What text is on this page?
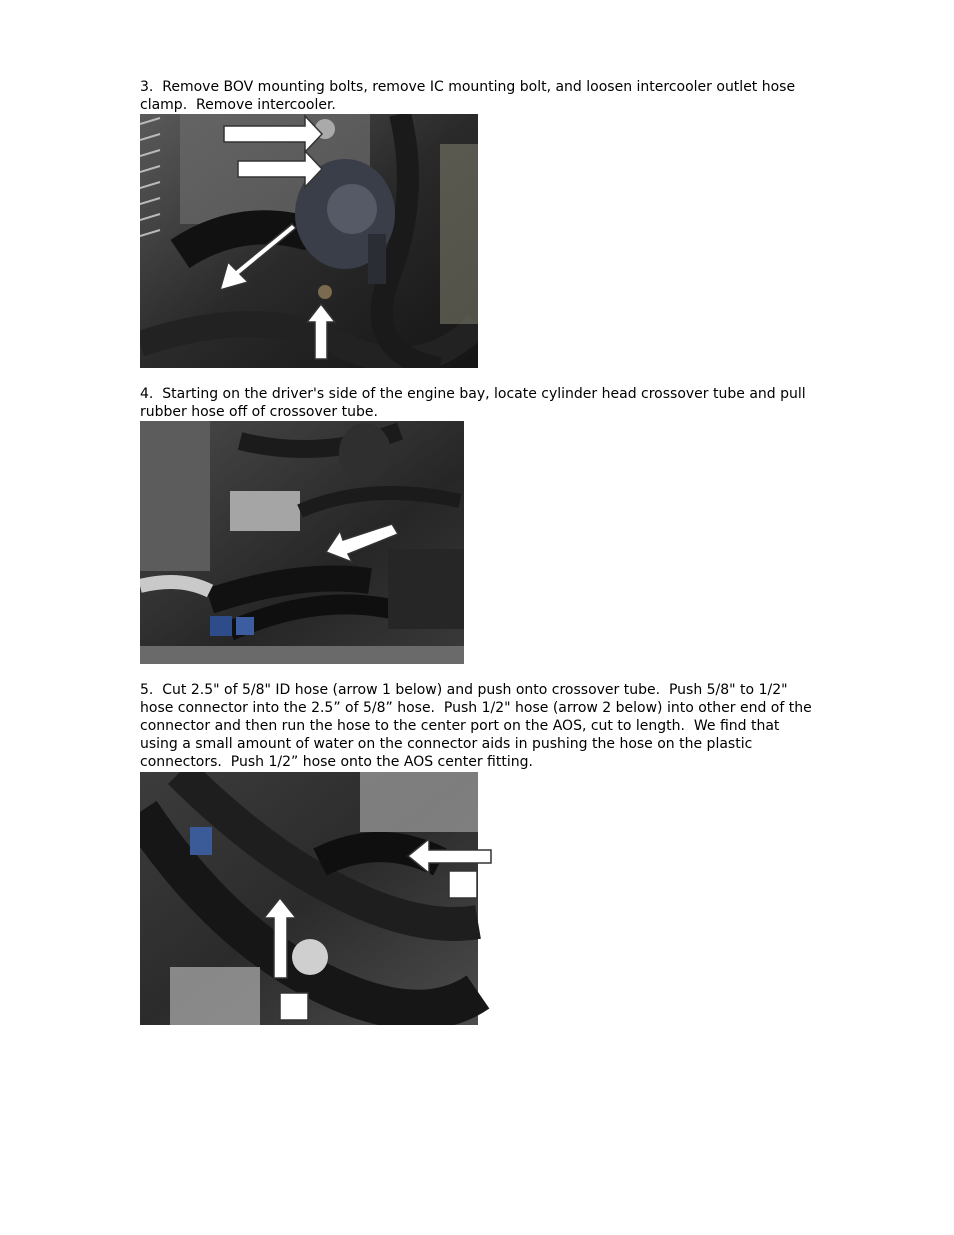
3.  Remove BOV mounting bolts, remove IC mounting bolt, and loosen intercooler outlet hose clamp.  Remove intercooler.

4.  Starting on the driver's side of the engine bay, locate cylinder head crossover tube and pull rubber hose off of crossover tube.

5.  Cut 2.5" of 5/8" ID hose (arrow 1 below) and push onto crossover tube.  Push 5/8" to 1/2" hose connector into the 2.5” of 5/8” hose.  Push 1/2" hose (arrow 2 below) into other end of the connector and then run the hose to the center port on the AOS, cut to length.  We find that using a small amount of water on the connector aids in pushing the hose on the plastic connectors.  Push 1/2” hose onto the AOS center fitting.
